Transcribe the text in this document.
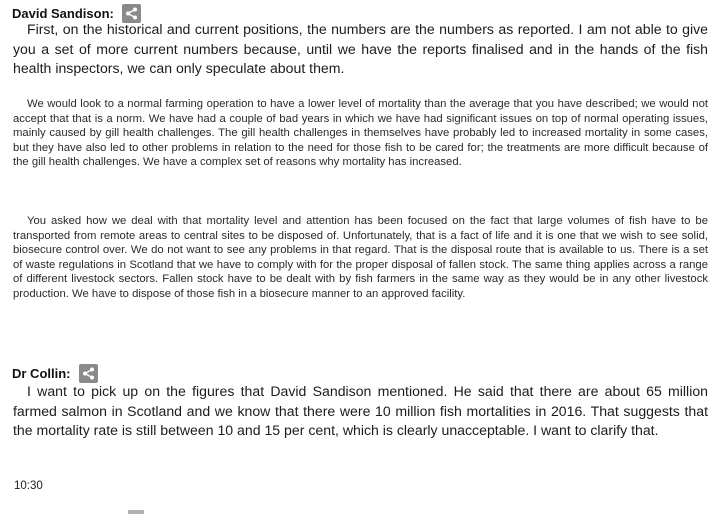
David Sandison:

First, on the historical and current positions, the numbers are the numbers as reported. I am not able to give you a set of more current numbers because, until we have the reports finalised and in the hands of the fish health inspectors, we can only speculate about them.

We would look to a normal farming operation to have a lower level of mortality than the average that you have described; we would not accept that that is a norm. We have had a couple of bad years in which we have had significant issues on top of normal operating issues, mainly caused by gill health challenges. The gill health challenges in themselves have probably led to increased mortality in some cases, but they have also led to other problems in relation to the need for those fish to be cared for; the treatments are more difficult because of the gill health challenges. We have a complex set of reasons why mortality has increased.

You asked how we deal with that mortality level and attention has been focused on the fact that large volumes of fish have to be transported from remote areas to central sites to be disposed of. Unfortunately, that is a fact of life and it is one that we wish to see solid, biosecure control over. We do not want to see any problems in that regard. That is the disposal route that is available to us. There is a set of waste regulations in Scotland that we have to comply with for the proper disposal of fallen stock. The same thing applies across a range of different livestock sectors. Fallen stock have to be dealt with by fish farmers in the same way as they would be in any other livestock production. We have to dispose of those fish in a biosecure manner to an approved facility.

Dr Collin:

I want to pick up on the figures that David Sandison mentioned. He said that there are about 65 million farmed salmon in Scotland and we know that there were 10 million fish mortalities in 2016. That suggests that the mortality rate is still between 10 and 15 per cent, which is clearly unacceptable. I want to clarify that.

10:30
